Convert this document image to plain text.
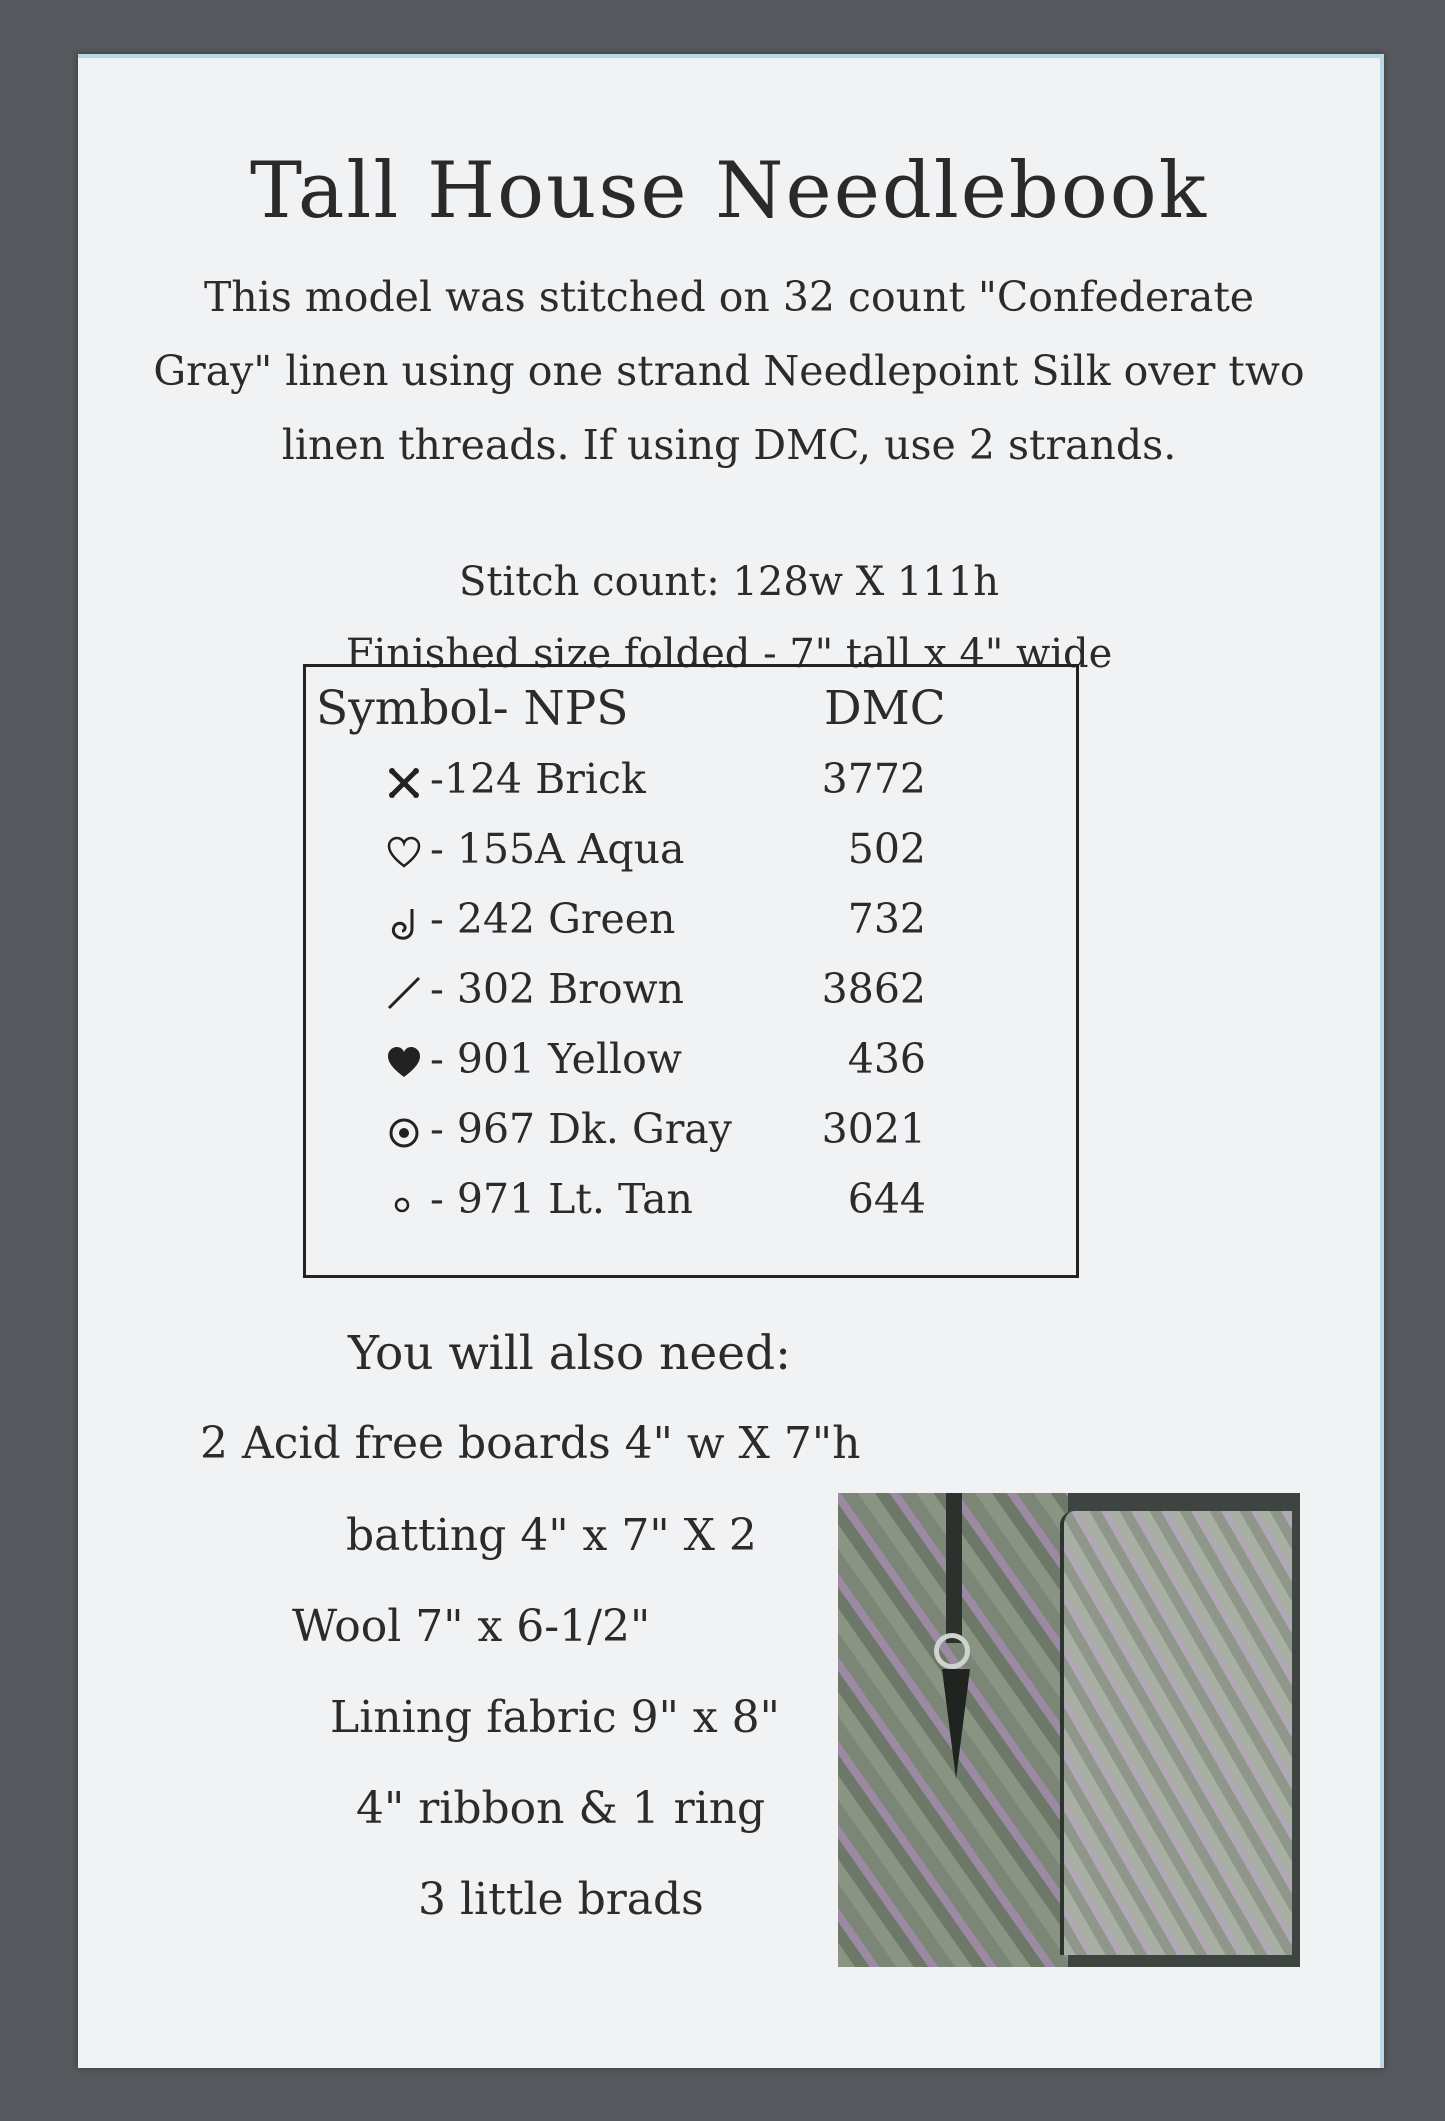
Tall House Needlebook
This model was stitched on 32 count "Confederate
Gray" linen using one strand Needlepoint Silk over two
linen threads. If using DMC, use 2 strands.
Stitch count: 128w X 111h
Finished size folded - 7" tall x 4" wide
Symbol- NPS	DMC
-124 Brick	3772
- 155A Aqua	502
- 242 Green	732
- 302 Brown	3862
- 901 Yellow	436
- 967 Dk. Gray 3021
- 971 Lt. Tan	644
You will also need:
2 Acid free boards 4" w X 7"h
batting 4" x 7" X 2
Wool 7" x 6-1/2"
Lining fabric 9" x 8"
4" ribbon & 1 ring
3 little brads
